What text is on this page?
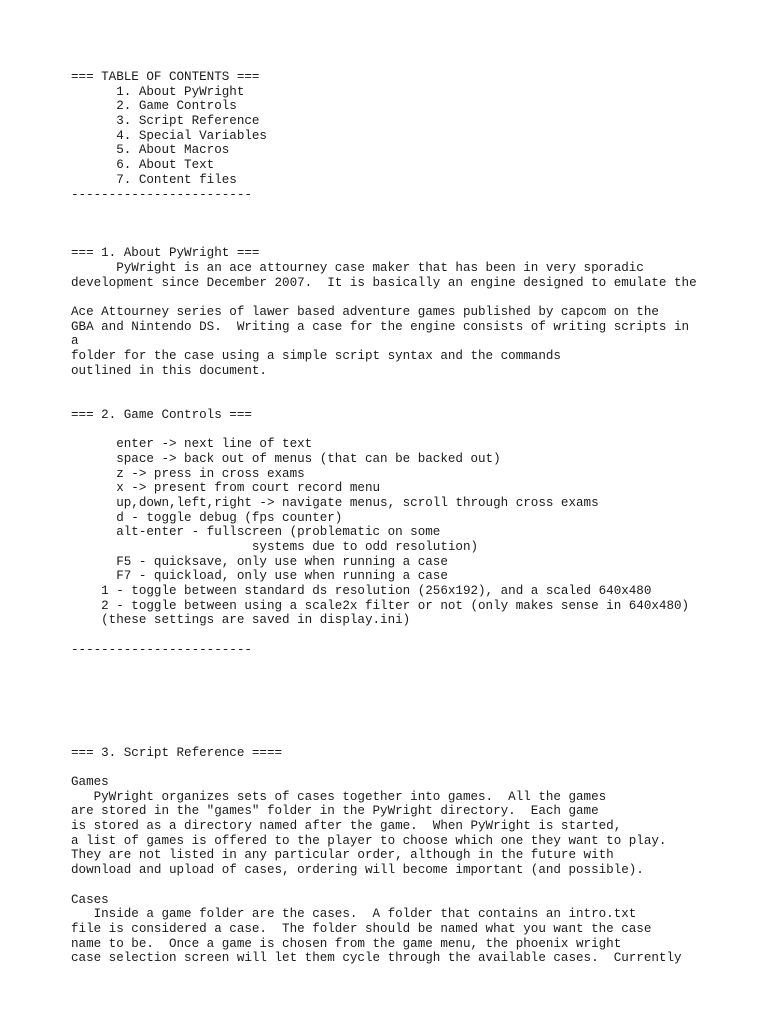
=== TABLE OF CONTENTS ===
1. About PyWright
2. Game Controls
3. Script Reference
4. Special Variables
5. About Macros
6. About Text
7. Content files
------------------------
=== 1. About PyWright ===
PyWright is an ace attourney case maker that has been in very sporadic
development since December 2007.  It is basically an engine designed to emulate the
Ace Attourney series of lawer based adventure games published by capcom on the
GBA and Nintendo DS.  Writing a case for the engine consists of writing scripts in
a
folder for the case using a simple script syntax and the commands
outlined in this document.
=== 2. Game Controls ===
enter -> next line of text
space -> back out of menus (that can be backed out)
z -> press in cross exams
x -> present from court record menu
up,down,left,right -> navigate menus, scroll through cross exams
d - toggle debug (fps counter)
alt-enter - fullscreen (problematic on some
systems due to odd resolution)
F5 - quicksave, only use when running a case
F7 - quickload, only use when running a case
1 - toggle between standard ds resolution (256x192), and a scaled 640x480
2 - toggle between using a scale2x filter or not (only makes sense in 640x480)
(these settings are saved in display.ini)
------------------------
=== 3. Script Reference ====
Games
PyWright organizes sets of cases together into games.  All the games
are stored in the "games" folder in the PyWright directory.  Each game
is stored as a directory named after the game.  When PyWright is started,
a list of games is offered to the player to choose which one they want to play.
They are not listed in any particular order, although in the future with
download and upload of cases, ordering will become important (and possible).
Cases
Inside a game folder are the cases.  A folder that contains an intro.txt
file is considered a case.  The folder should be named what you want the case
name to be.  Once a game is chosen from the game menu, the phoenix wright
case selection screen will let them cycle through the available cases.  Currently
